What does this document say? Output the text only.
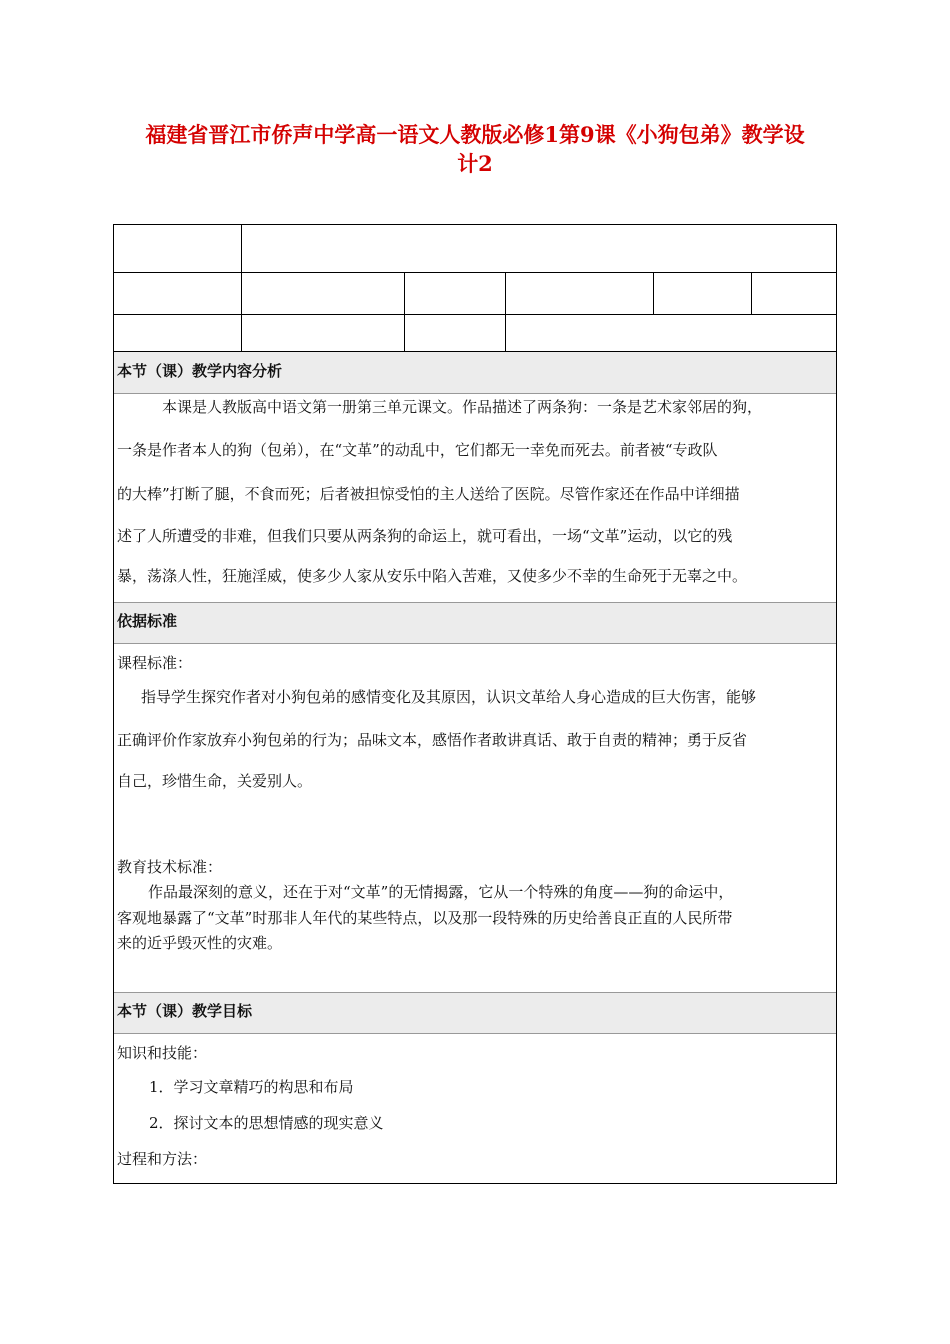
福建省晋江市侨声中学高一语文人教版必修1第9课《小狗包弟》教学设
计2
本节（课）教学内容分析
本课是人教版高中语文第一册第三单元课文。作品描述了两条狗：一条是艺术家邻居的狗，
一条是作者本人的狗（包弟），在“文革”的动乱中，它们都无一幸免而死去。前者被“专政队
的大棒”打断了腿，不食而死；后者被担惊受怕的主人送给了医院。尽管作家还在作品中详细描
述了人所遭受的非难，但我们只要从两条狗的命运上，就可看出，一场“文革”运动，以它的残
暴，荡涤人性，狂施淫威，使多少人家从安乐中陷入苦难，又使多少不幸的生命死于无辜之中。
依据标准
课程标准：
指导学生探究作者对小狗包弟的感情变化及其原因，认识文革给人身心造成的巨大伤害，能够
正确评价作家放弃小狗包弟的行为；品味文本，感悟作者敢讲真话、敢于自责的精神；勇于反省
自己，珍惜生命，关爱别人。
教育技术标准：
作品最深刻的意义，还在于对“文革”的无情揭露，它从一个特殊的角度——狗的命运中，
客观地暴露了“文革”时那非人年代的某些特点，以及那一段特殊的历史给善良正直的人民所带
来的近乎毁灭性的灾难。
本节（课）教学目标
知识和技能：
1．学习文章精巧的构思和布局
2．探讨文本的思想情感的现实意义
过程和方法：
